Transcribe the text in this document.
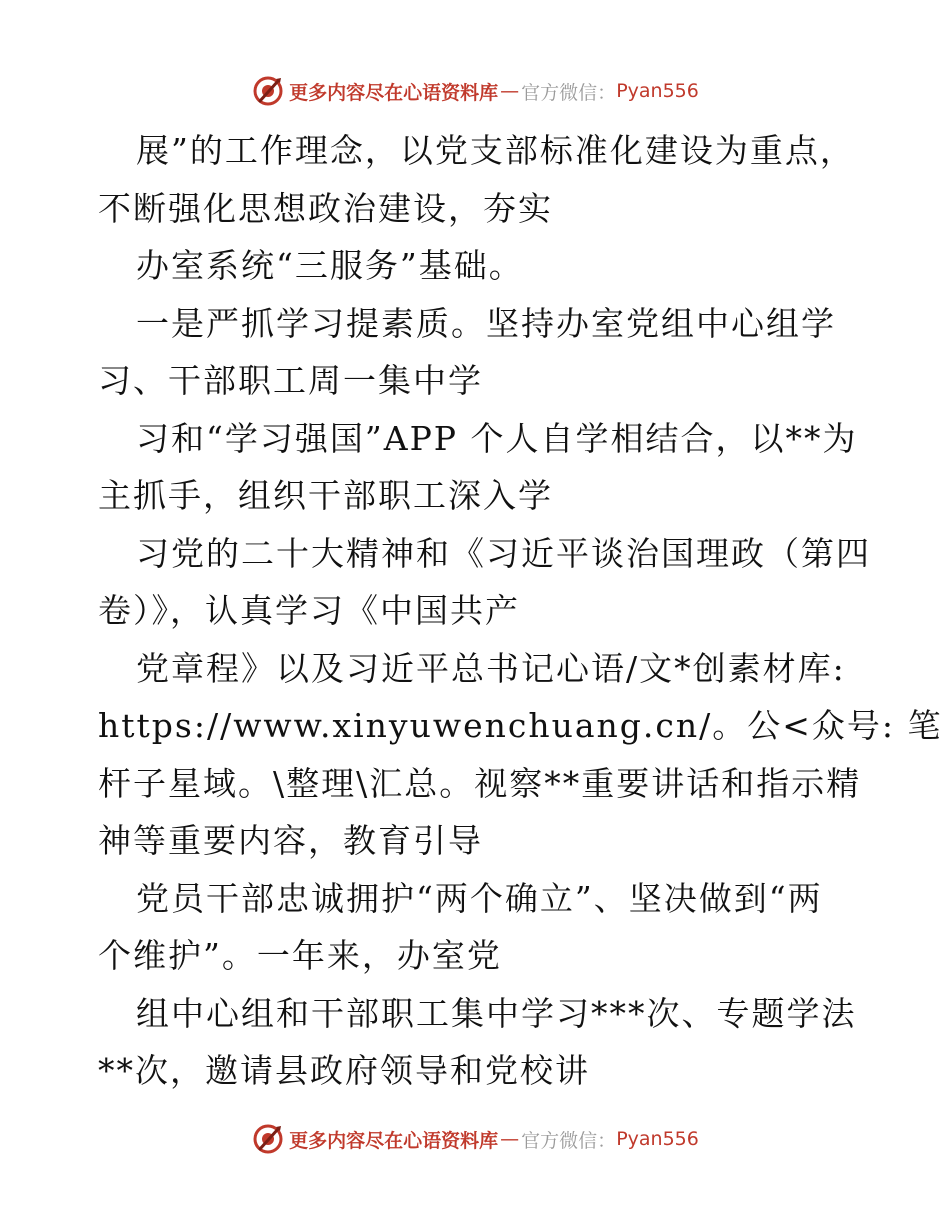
更多内容尽在心语资料库 — 官方微信： Pyan556
展”的工作理念，以党支部标准化建设为重点，
不断强化思想政治建设，夯实
办室系统“三服务”基础。
一是严抓学习提素质。坚持办室党组中心组学
习、干部职工周一集中学
习和“学习强国”APP 个人自学相结合，以**为
主抓手，组织干部职工深入学
习党的二十大精神和《习近平谈治国理政（第四
卷）》，认真学习《中国共产
党章程》以及习近平总书记心语/文*创素材库:
https://www.xinyuwenchuang.cn/。公<众号: 笔
杆子星域。\整理\汇总。视察**重要讲话和指示精
神等重要内容，教育引导
党员干部忠诚拥护“两个确立”、坚决做到“两
个维护”。一年来，办室党
组中心组和干部职工集中学习***次、专题学法
**次，邀请县政府领导和党校讲
更多内容尽在心语资料库 — 官方微信： Pyan556
